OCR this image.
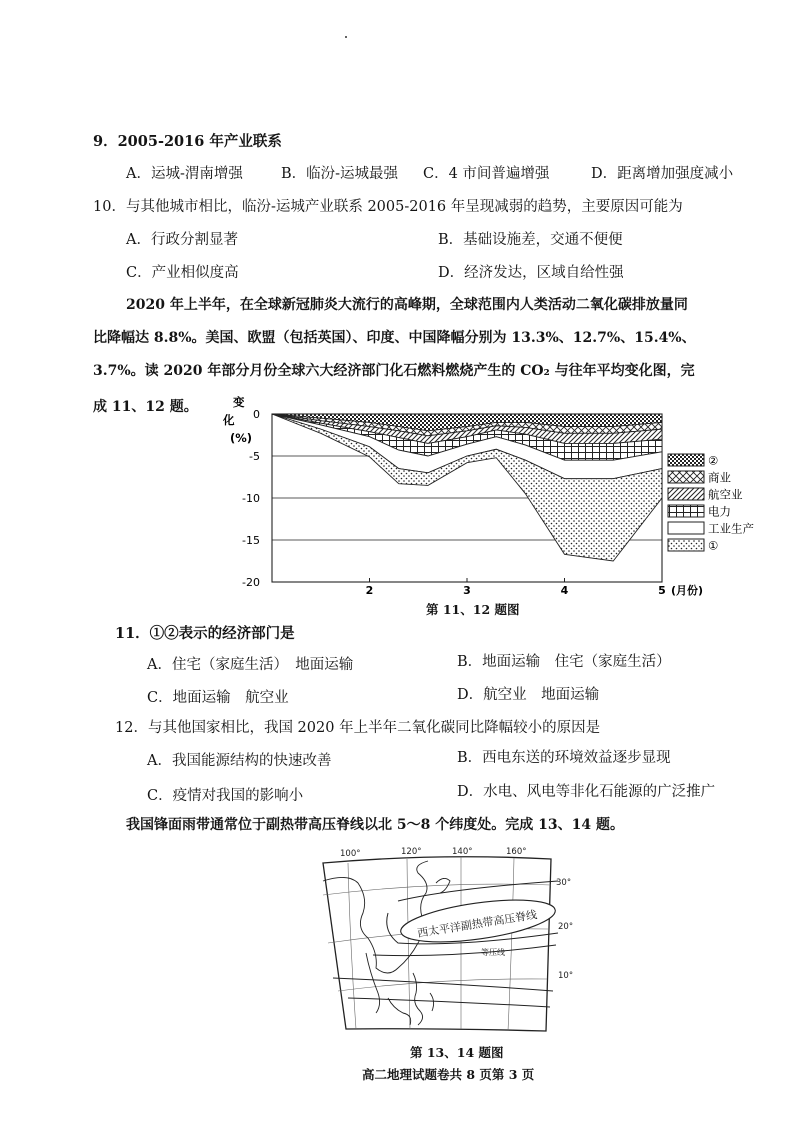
9．2005-2016 年产业联系
A．运城-渭南增强	B．临汾-运城最强 C．4 市间普遍增强	D．距离增加强度减小
10．与其他城市相比，临汾-运城产业联系 2005-2016 年呈现减弱的趋势，主要原因可能为
A．行政分割显著	B．基础设施差，交通不便便
C．产业相似度高	D．经济发达，区域自给性强
2020 年上半年，在全球新冠肺炎大流行的高峰期，全球范围内人类活动二氧化碳排放量同
比降幅达 8.8%。美国、欧盟（包括英国）、印度、中国降幅分别为 13.3%、12.7%、15.4%、
3.7%。读 2020 年部分月份全球六大经济部门化石燃料燃烧产生的 CO₂ 与往年平均变化图，完
成 11、12 题。	变
化
(%)
0
-5
-10
-15
-20
2	3	4	5 (月份)
②
商业
航空业
电力
工业生产
①
第 11、12 题图
11．①②表示的经济部门是
A．住宅（家庭生活）　地面运输	B．地面运输　住宅（家庭生活）
C．地面运输　航空业	D．航空业　地面运输
12．与其他国家相比，我国 2020 年上半年二氧化碳同比降幅较小的原因是
A．我国能源结构的快速改善	B．西电东送的环境效益逐步显现
C．疫情对我国的影响小	D．水电、风电等非化石能源的广泛推广
我国锋面雨带通常位于副热带高压脊线以北 5～8 个纬度处。完成 13、14 题。
100°	120°	140°	160°
30°
20°
10°
西太平洋副热带高压脊线
等压线
第 13、14 题图
高二地理试题卷共 8 页第 3 页
